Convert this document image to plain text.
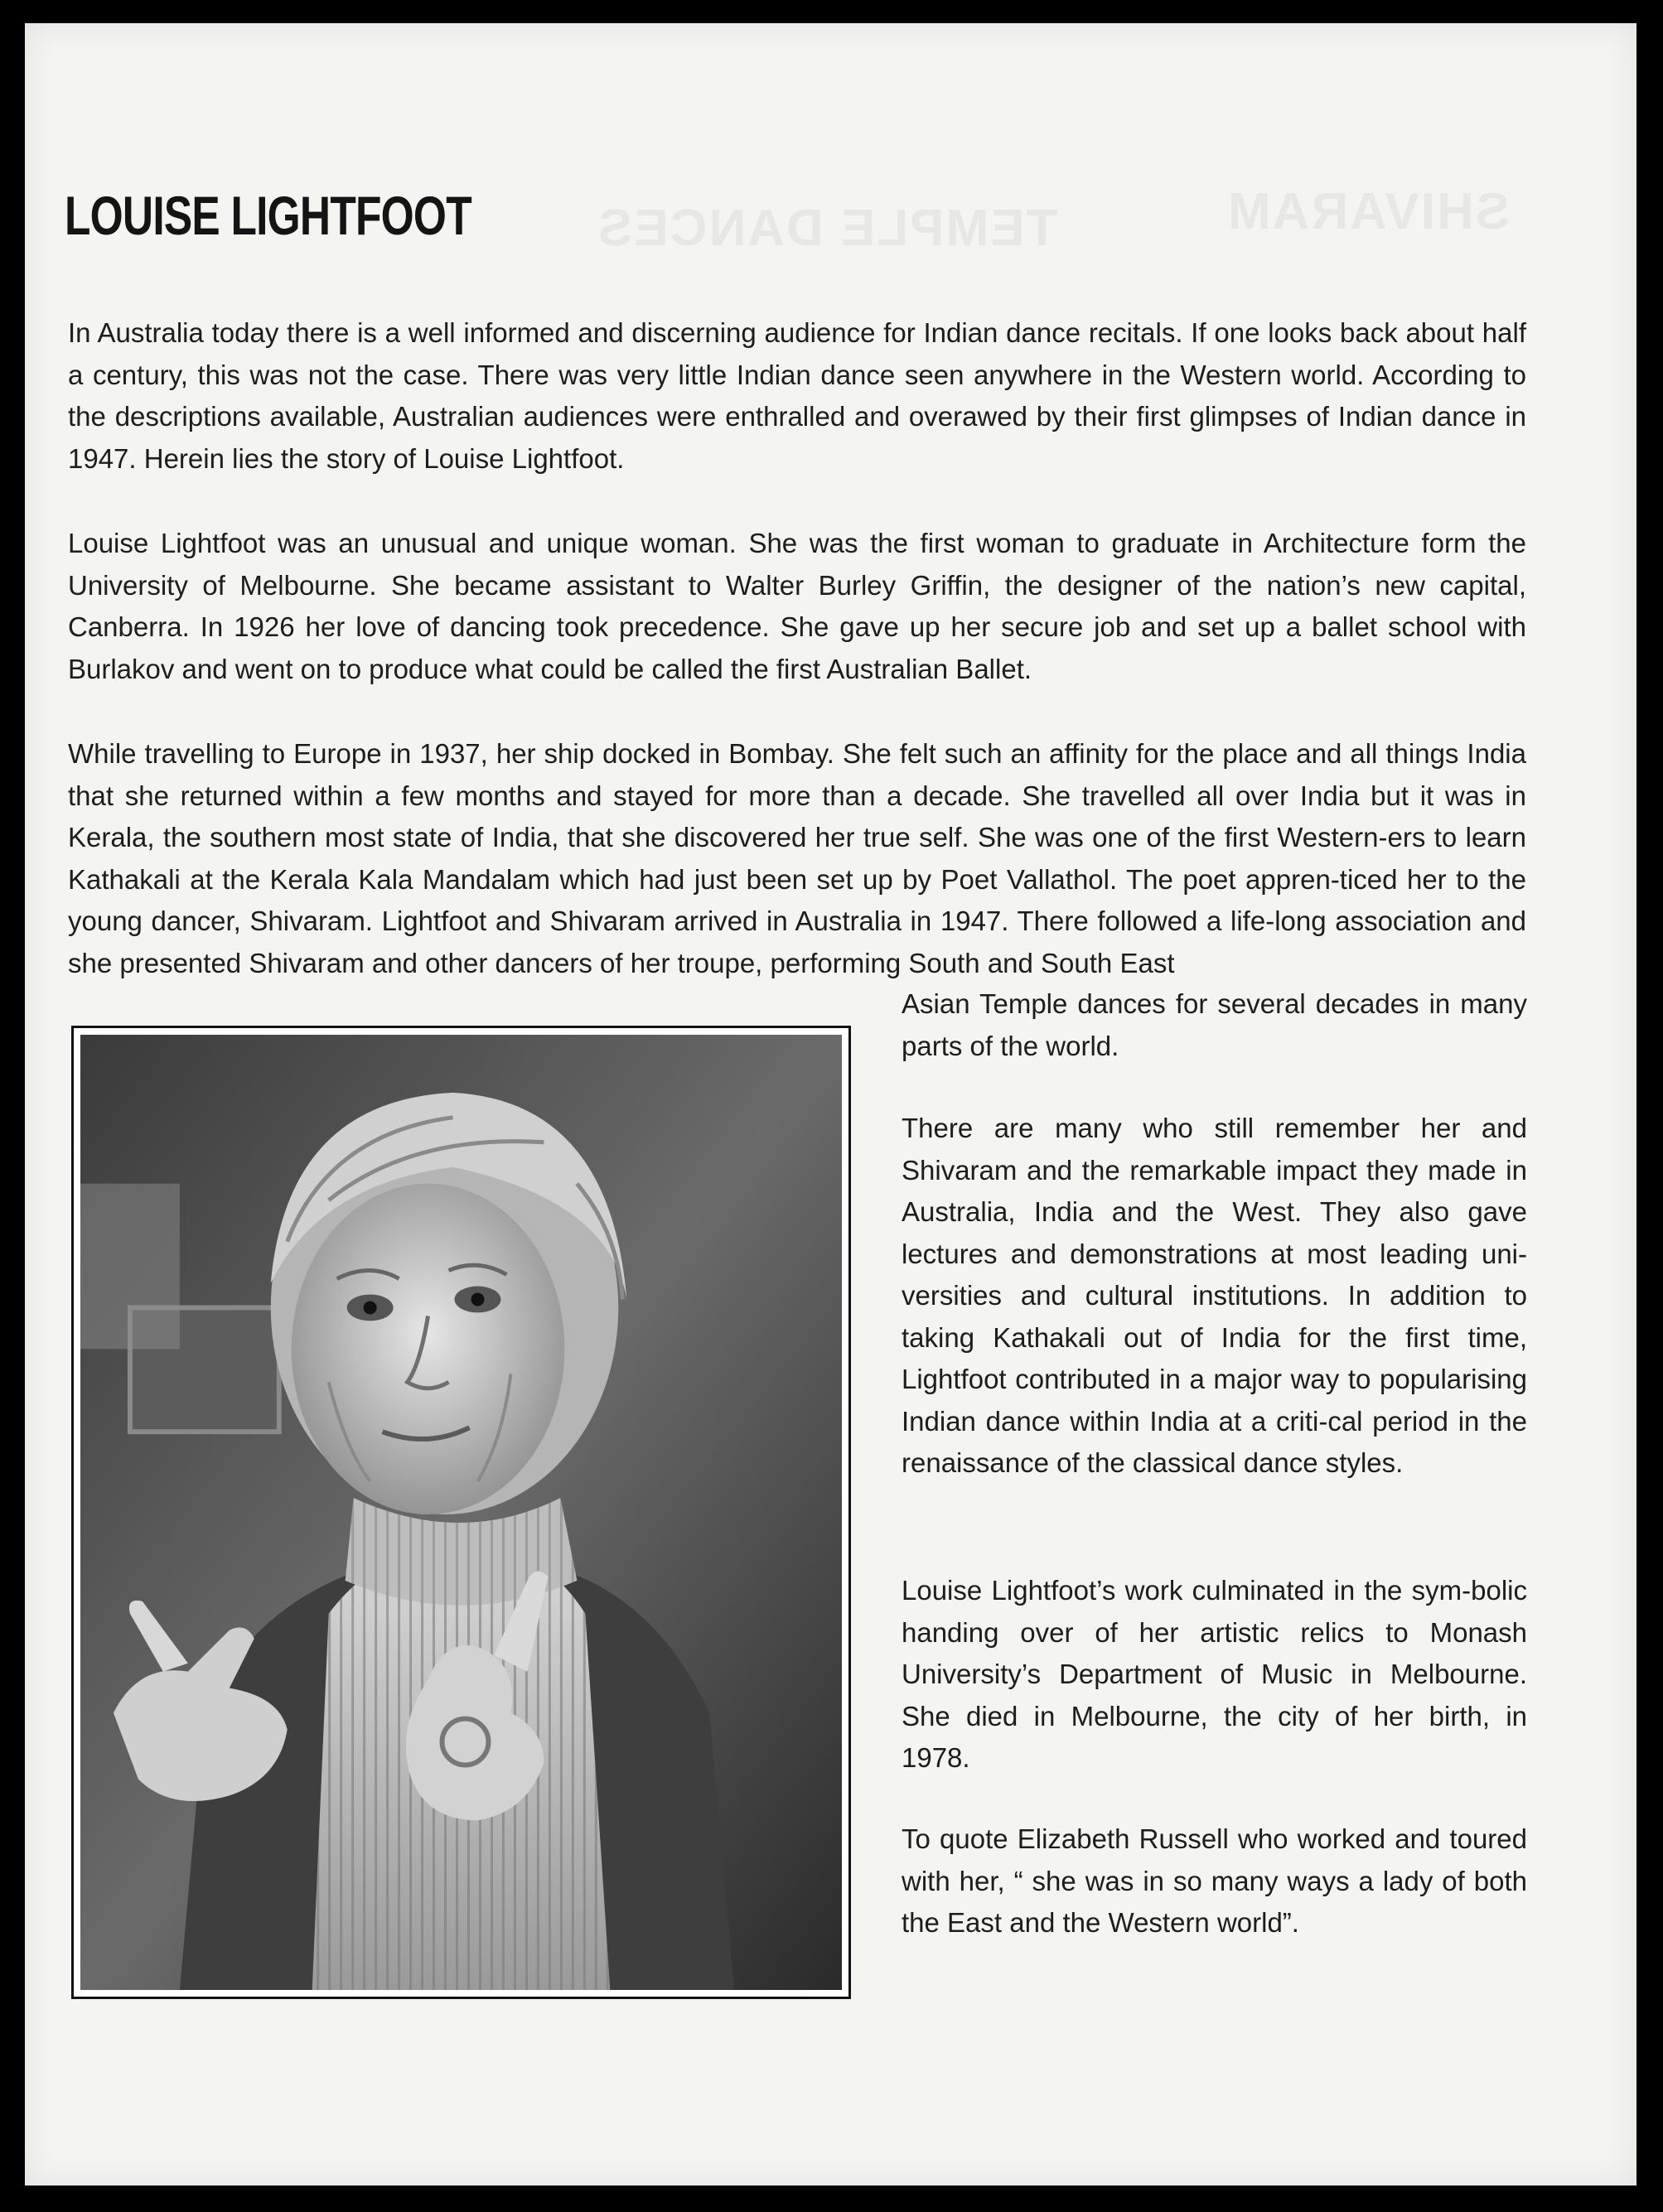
TEMPLE DANCES	SHIVARAM
LOUISE LIGHTFOOT

In Australia today there is a well informed and discerning audience for Indian dance recitals. If one looks back about half a century, this was not the case. There was very little Indian dance seen anywhere in the Western world. According to the descriptions available, Australian audiences were enthralled and overawed by their first glimpses of Indian dance in 1947. Herein lies the story of Louise Lightfoot.

Louise Lightfoot was an unusual and unique woman. She was the first woman to graduate in Architecture form the University of Melbourne. She became assistant to Walter Burley Griffin, the designer of the nation’s new capital, Canberra. In 1926 her love of dancing took precedence. She gave up her secure job and set up a ballet school with Burlakov and went on to produce what could be called the first Australian Ballet.

While travelling to Europe in 1937, her ship docked in Bombay. She felt such an affinity for the place and all things India that she returned within a few months and stayed for more than a decade. She travelled all over India but it was in Kerala, the southern most state of India, that she discovered her true self. She was one of the first Western-ers to learn Kathakali at the Kerala Kala Mandalam which had just been set up by Poet Vallathol. The poet appren-ticed her to the young dancer, Shivaram. Lightfoot and Shivaram arrived in Australia in 1947. There followed a life-long association and she presented Shivaram and other dancers of her troupe, performing South and South East

Asian Temple dances for several decades in many parts of the world.

There are many who still remember her and Shivaram and the remarkable impact they made in Australia, India and the West. They also gave lectures and demonstrations at most leading uni-versities and cultural institutions. In addition to taking Kathakali out of India for the first time, Lightfoot contributed in a major way to popularising Indian dance within India at a criti-cal period in the renaissance of the classical dance styles.

Louise Lightfoot’s work culminated in the sym-bolic handing over of her artistic relics to Monash University’s Department of Music in Melbourne. She died in Melbourne, the city of her birth, in 1978.

To quote Elizabeth Russell who worked and toured with her, “ she was in so many ways a lady of both the East and the Western world”.
